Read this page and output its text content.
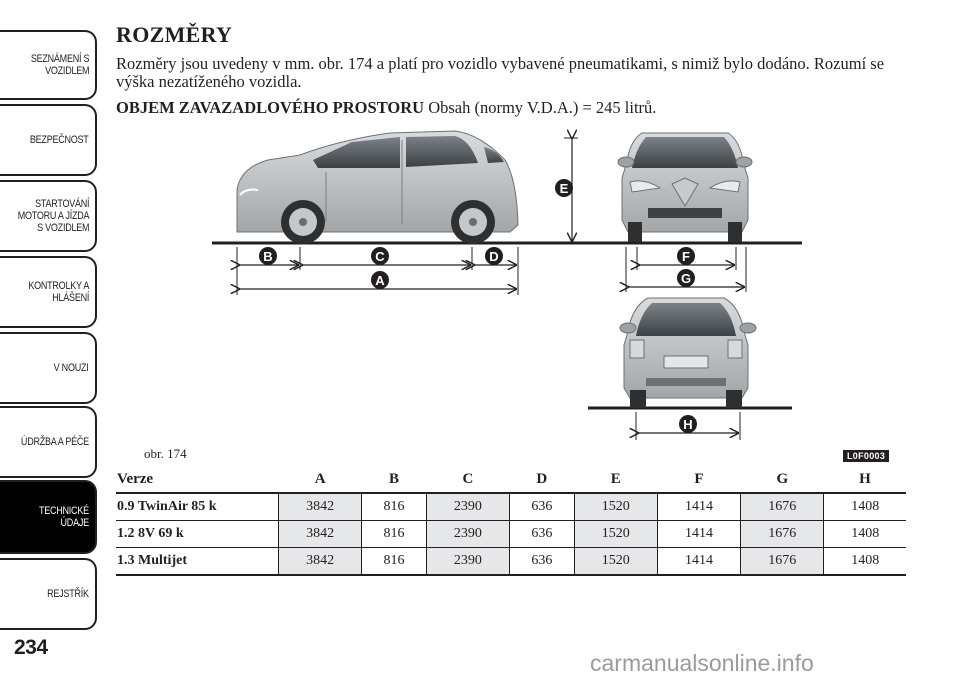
SEZNÁMENÍ S
VOZIDLEM
BEZPEČNOST
STARTOVÁNÍ
MOTORU A JÍZDA
S VOZIDLEM
KONTROLKY A
HLÁŠENÍ
V NOUZI
ÚDRŽBA A PÉČE
TECHNICKÉ
ÚDAJE
REJSTŘÍK
234
ROZMĚRY
Rozměry jsou uvedeny v mm. obr. 174 a platí pro vozidlo vybavené pneumatikami, s nimiž bylo dodáno. Rozumí se výška nezatíženého vozidla.
OBJEM ZAVAZADLOVÉHO PROSTORU Obsah (normy V.D.A.) = 245 litrů.
E
B	C	D
A
F
G
H
obr. 174	L0F0003
Verze	A	B	C	D	E	F	G	H
0.9 TwinAir 85 k	3842	816	2390	636	1520	1414	1676	1408
1.2 8V 69 k	3842	816	2390	636	1520	1414	1676	1408
1.3 Multijet	3842	816	2390	636	1520	1414	1676	1408
carmanualsonline.info
